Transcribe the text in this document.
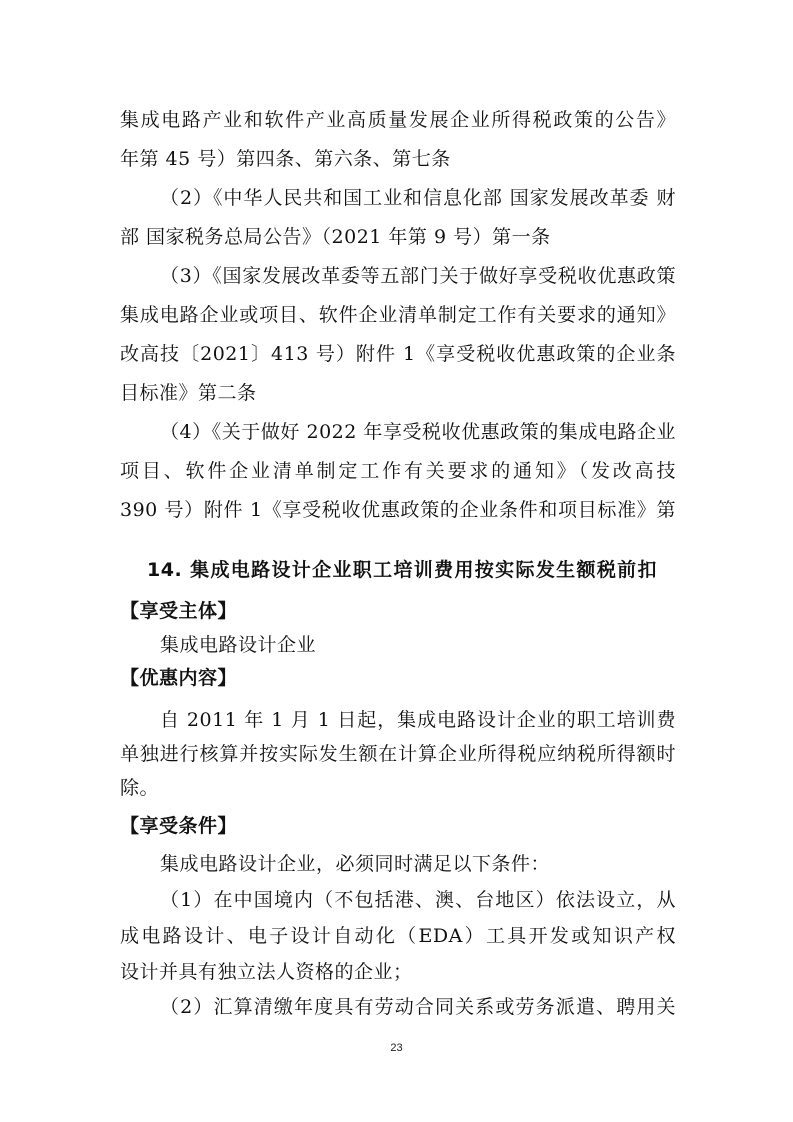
集成电路产业和软件产业高质量发展企业所得税政策的公告》
年第 45 号）第四条、第六条、第七条
（2）《中华人民共和国工业和信息化部 国家发展改革委 财
部 国家税务总局公告》（2021 年第 9 号）第一条
（3）《国家发展改革委等五部门关于做好享受税收优惠政策
集成电路企业或项目、软件企业清单制定工作有关要求的通知》
改高技〔2021〕413 号）附件 1《享受税收优惠政策的企业条
目标准》第二条
（4）《关于做好 2022 年享受税收优惠政策的集成电路企业
项目、软件企业清单制定工作有关要求的通知》（发改高技
390 号）附件 1《享受税收优惠政策的企业条件和项目标准》第
14. 集成电路设计企业职工培训费用按实际发生额税前扣
【享受主体】
集成电路设计企业
【优惠内容】
自 2011 年 1 月 1 日起，集成电路设计企业的职工培训费
单独进行核算并按实际发生额在计算企业所得税应纳税所得额时
除。
【享受条件】
集成电路设计企业，必须同时满足以下条件：
（1）在中国境内（不包括港、澳、台地区）依法设立，从
成电路设计、电子设计自动化（EDA）工具开发或知识产权
设计并具有独立法人资格的企业；
（2）汇算清缴年度具有劳动合同关系或劳务派遣、聘用关
23
